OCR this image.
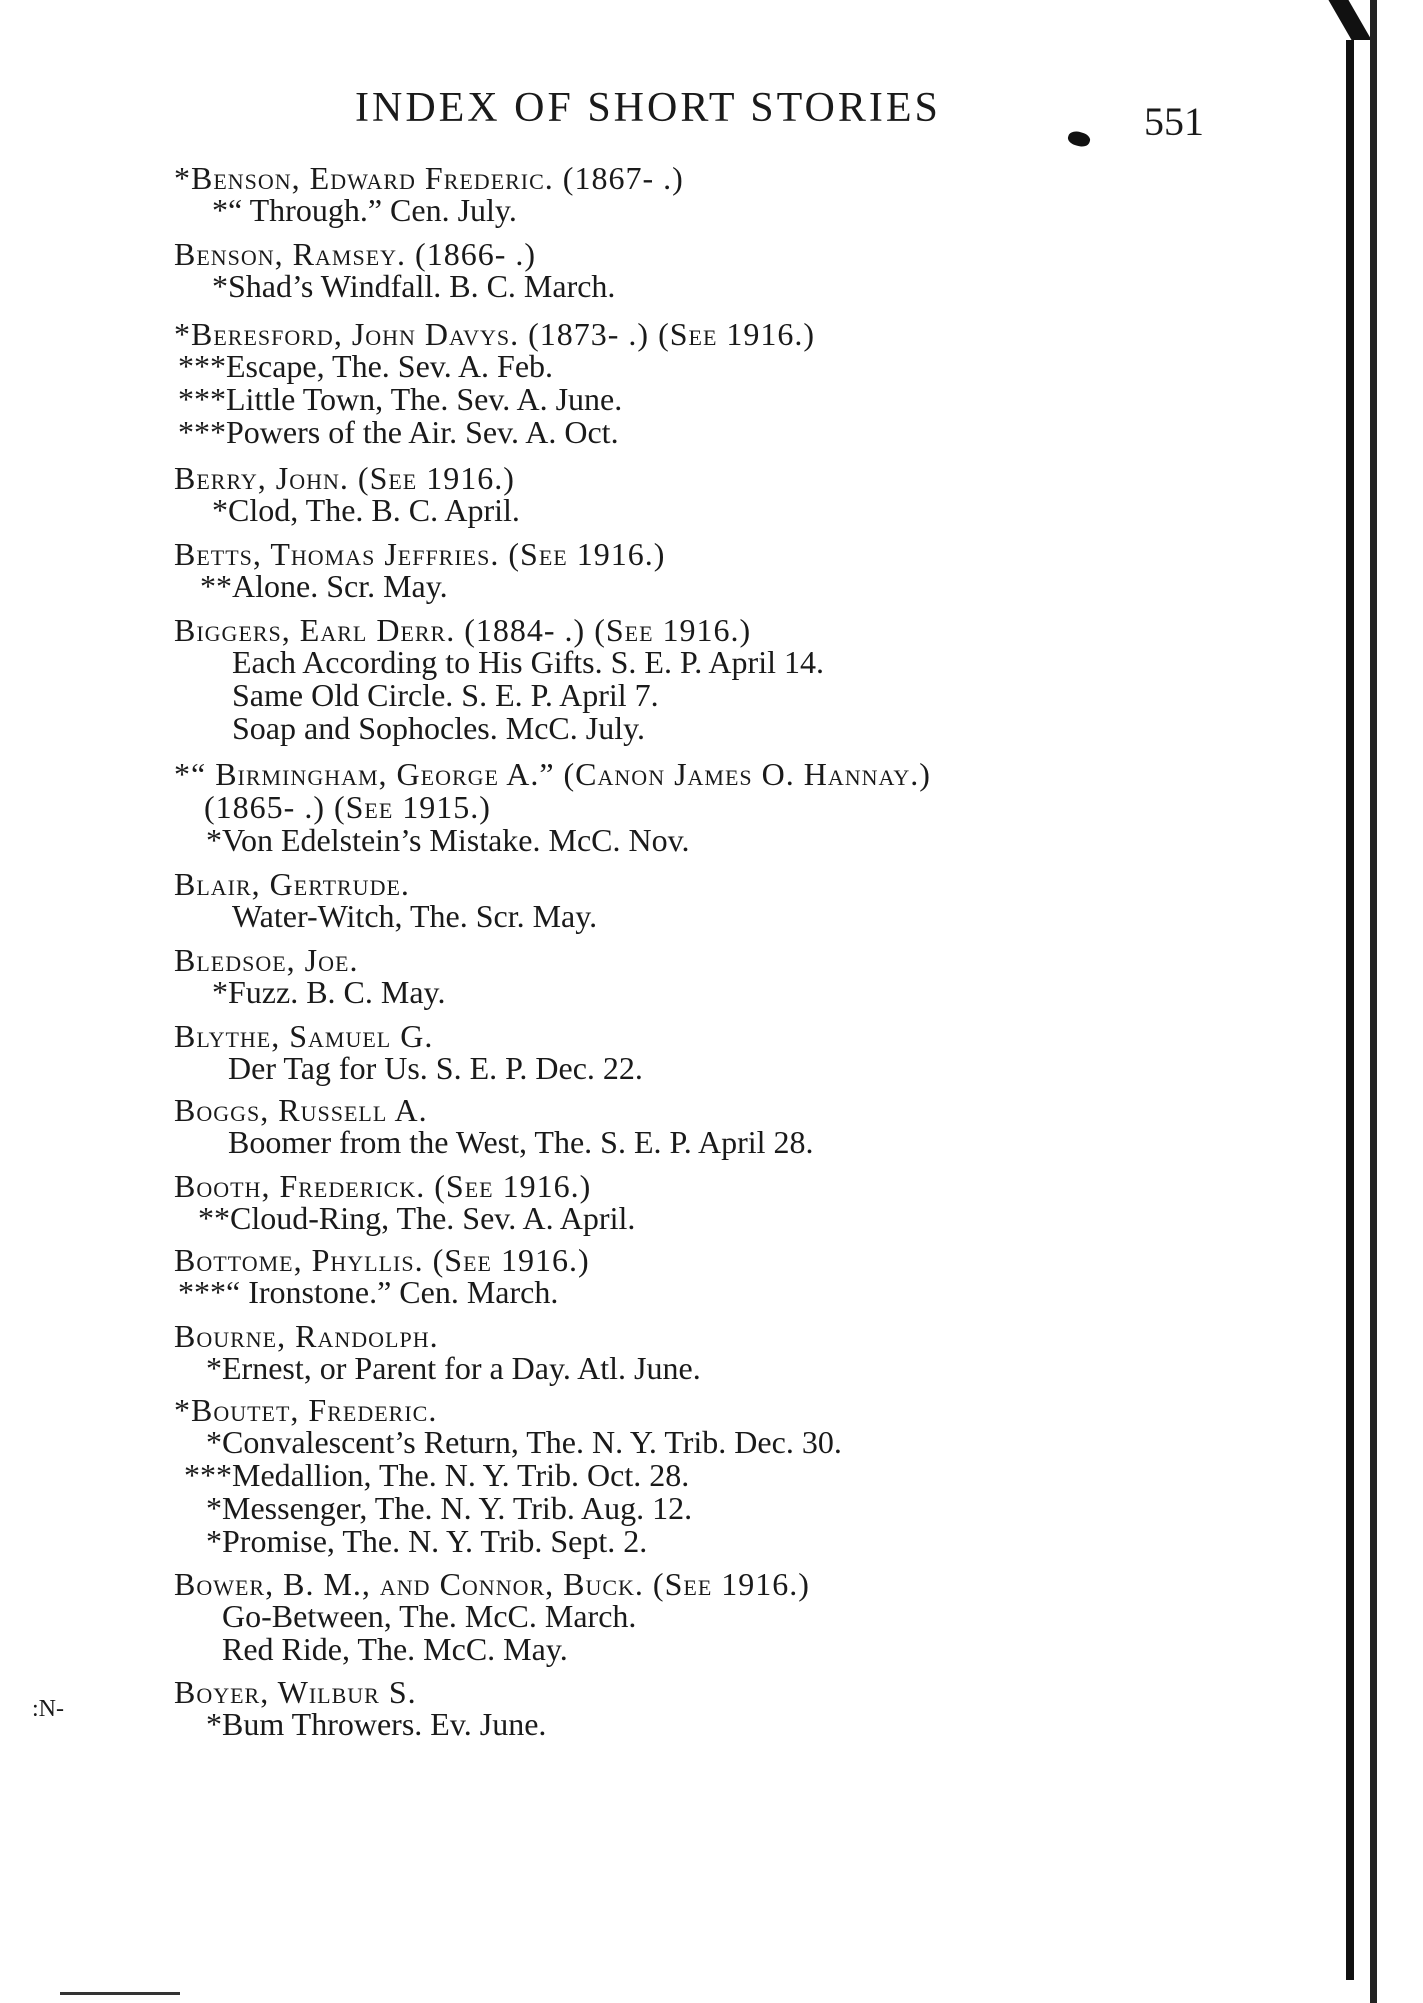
INDEX OF SHORT STORIES	551
:N-
*Benson, Edward Frederic. (1867- .)
*“ Through.” Cen. July.
Benson, Ramsey. (1866- .)
*Shad’s Windfall. B. C. March.
*Beresford, John Davys. (1873- .) (See 1916.)
***Escape, The. Sev. A. Feb.
***Little Town, The. Sev. A. June.
***Powers of the Air. Sev. A. Oct.
Berry, John. (See 1916.)
*Clod, The. B. C. April.
Betts, Thomas Jeffries. (See 1916.)
**Alone. Scr. May.
Biggers, Earl Derr. (1884- .) (See 1916.)
Each According to His Gifts. S. E. P. April 14.
Same Old Circle. S. E. P. April 7.
Soap and Sophocles. McC. July.
*“ Birmingham, George A.” (Canon James O. Hannay.)
(1865- .) (See 1915.)
*Von Edelstein’s Mistake. McC. Nov.
Blair, Gertrude.
Water-Witch, The. Scr. May.
Bledsoe, Joe.
*Fuzz. B. C. May.
Blythe, Samuel G.
Der Tag for Us. S. E. P. Dec. 22.
Boggs, Russell A.
Boomer from the West, The. S. E. P. April 28.
Booth, Frederick. (See 1916.)
**Cloud-Ring, The. Sev. A. April.
Bottome, Phyllis. (See 1916.)
***“ Ironstone.” Cen. March.
Bourne, Randolph.
*Ernest, or Parent for a Day. Atl. June.
*Boutet, Frederic.
*Convalescent’s Return, The. N. Y. Trib. Dec. 30.
***Medallion, The. N. Y. Trib. Oct. 28.
*Messenger, The. N. Y. Trib. Aug. 12.
*Promise, The. N. Y. Trib. Sept. 2.
Bower, B. M., and Connor, Buck. (See 1916.)
Go-Between, The. McC. March.
Red Ride, The. McC. May.
Boyer, Wilbur S.
*Bum Throwers. Ev. June.
